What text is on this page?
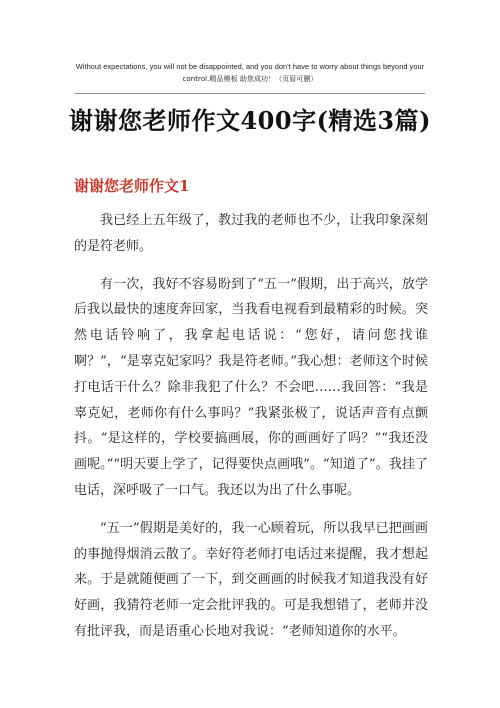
Without expectations, you will not be disappointed, and you don't have to worry about things beyond your
control.精品模板 助您成功！（页眉可删）
谢谢您老师作文400字(精选3篇)
谢谢您老师作文1

我已经上五年级了，教过我的老师也不少，让我印象深刻的是符老师。

有一次，我好不容易盼到了“五一”假期，出于高兴，放学后我以最快的速度奔回家，当我看电视看到最精彩的时候。突然电话铃响了，我拿起电话说：“您好，请问您找谁啊？”，“是辜克妃家吗？我是符老师。”我心想：老师这个时候打电话干什么？除非我犯了什么？不会吧……我回答：“我是辜克妃，老师你有什么事吗？”我紧张极了，说话声音有点颤抖。“是这样的，学校要搞画展，你的画画好了吗？”“我还没画呢。”“明天要上学了，记得要快点画哦”。“知道了”。我挂了电话，深呼吸了一口气。我还以为出了什么事呢。

“五一”假期是美好的，我一心顾着玩，所以我早已把画画的事抛得烟消云散了。幸好符老师打电话过来提醒，我才想起来。于是就随便画了一下，到交画画的时候我才知道我没有好好画，我猜符老师一定会批评我的。可是我想错了，老师并没有批评我，而是语重心长地对我说：“老师知道你的水平。
